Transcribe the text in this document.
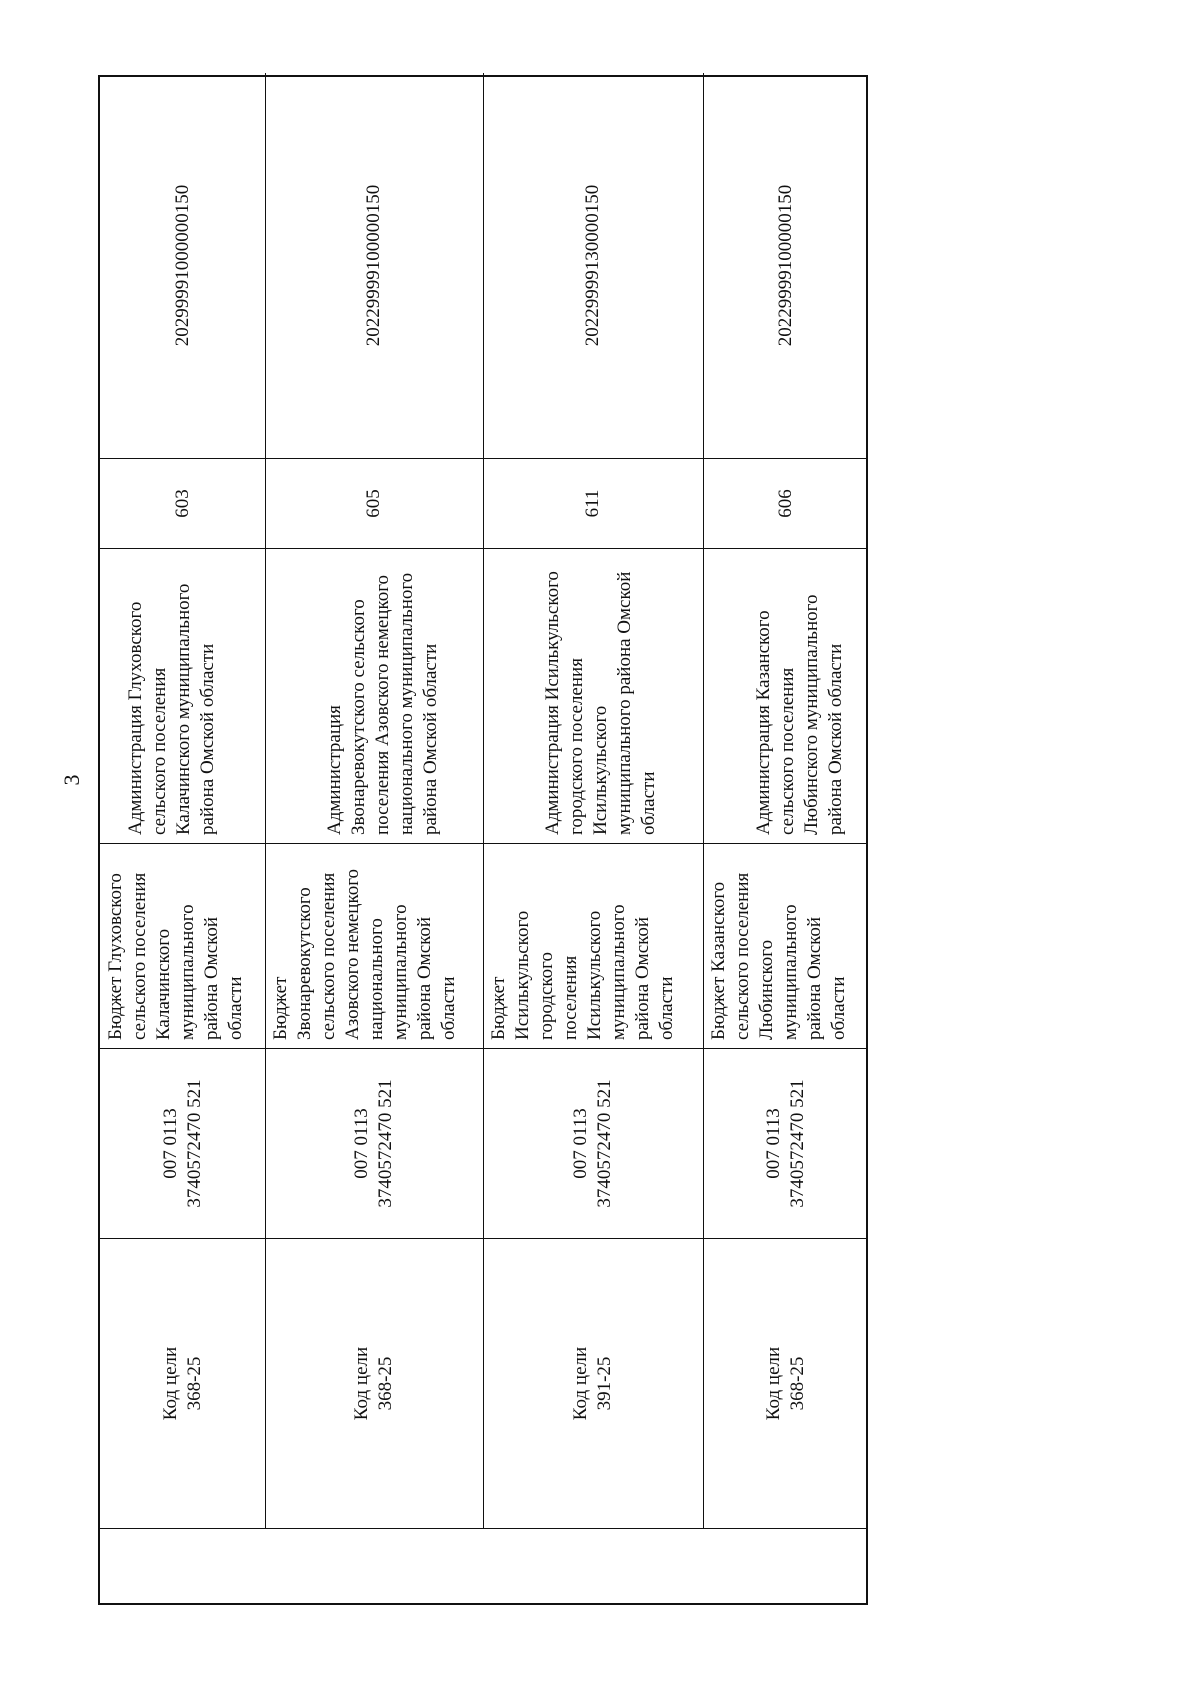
3
Код цели 368-25
007 0113 3740572470 521
Бюджет Глуховского сельского поселения Калачинского муниципального района Омской области
Администрация Глуховского сельского поселения Калачинского муниципального района Омской области
603
20299991000000150
Код цели 368-25
007 0113 3740572470 521
Бюджет Звонаревокутского сельского поселения Азовского немецкого национального муниципального района Омской области
Администрация Звонаревокутского сельского поселения Азовского немецкого национального муниципального района Омской области
605
20229999100000150
Код цели 391-25
007 0113 3740572470 521
Бюджет Исилькульского городского поселения Исилькульского муниципального района Омской области
Администрация Исилькульского городского поселения Исилькульского муниципального района Омской области
611
20229999130000150
Код цели 368-25
007 0113 3740572470 521
Бюджет Казанского сельского поселения Любинского муниципального района Омской области
Администрация Казанского сельского поселения Любинского муниципального района Омской области
606
20229999100000150
